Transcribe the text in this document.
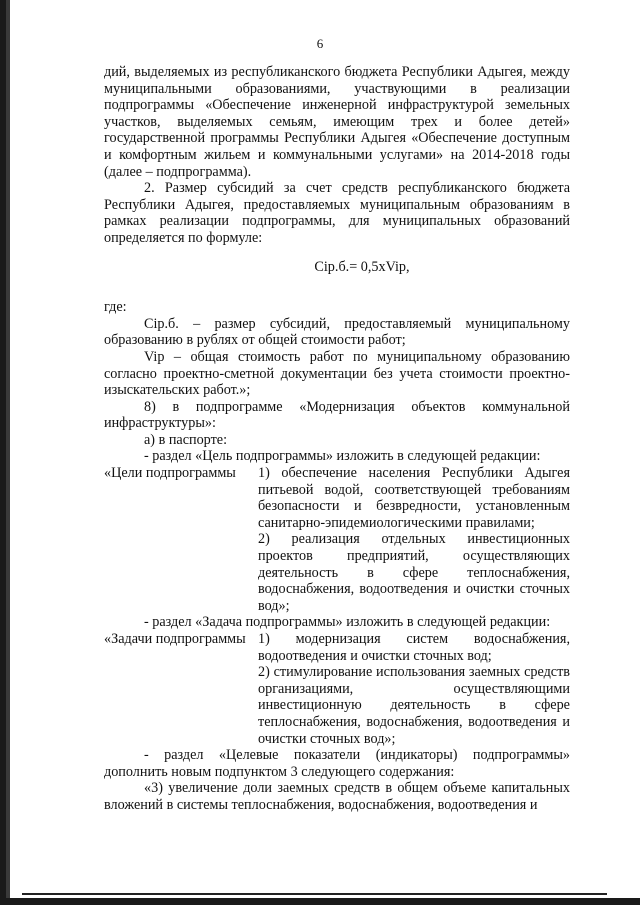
6

дий, выделяемых из республиканского бюджета Республики Адыгея, между муниципальными образованиями, участвующими в реализации подпрограммы «Обеспечение инженерной инфраструктурой земельных участков, выделяемых семьям, имеющим трех и более детей» государственной программы Республики Адыгея «Обеспечение доступным и комфортным жильем и коммунальными услугами» на 2014-2018 годы (далее – подпрограмма).

2. Размер субсидий за счет средств республиканского бюджета Республики Адыгея, предоставляемых муниципальным образованиям в рамках реализации подпрограммы, для муниципальных образований определяется по формуле:

Ciр.б.= 0,5xVip,

где:

Ciр.б. – размер субсидий, предоставляемый муниципальному образованию в рублях от общей стоимости работ;

Vip – общая стоимость работ по муниципальному образованию согласно проектно-сметной документации без учета стоимости проектно-изыскательских работ.»;

8) в подпрограмме «Модернизация объектов коммунальной инфраструктуры»:

а) в паспорте:

- раздел «Цель подпрограммы» изложить в следующей редакции:

«Цели подпрограммы	1) обеспечение населения Республики Адыгея питьевой водой, соответствующей требованиям безопасности и безвредности, установленным санитарно-эпидемиологическими правилами;

2) реализация отдельных инвестиционных проектов предприятий, осуществляющих деятельность в сфере теплоснабжения, водоснабжения, водоотведения и очистки сточных вод»;

- раздел «Задача подпрограммы» изложить в следующей редакции:

«Задачи подпрограммы 1) модернизация систем водоснабжения, водоотведения и очистки сточных вод;

2) стимулирование использования заемных средств организациями, осуществляющими инвестиционную деятельность в сфере теплоснабжения, водоснабжения, водоотведения и очистки сточных вод»;

- раздел «Целевые показатели (индикаторы) подпрограммы» дополнить новым подпунктом 3 следующего содержания:

«3) увеличение доли заемных средств в общем объеме капитальных вложений в системы теплоснабжения, водоснабжения, водоотведения и
